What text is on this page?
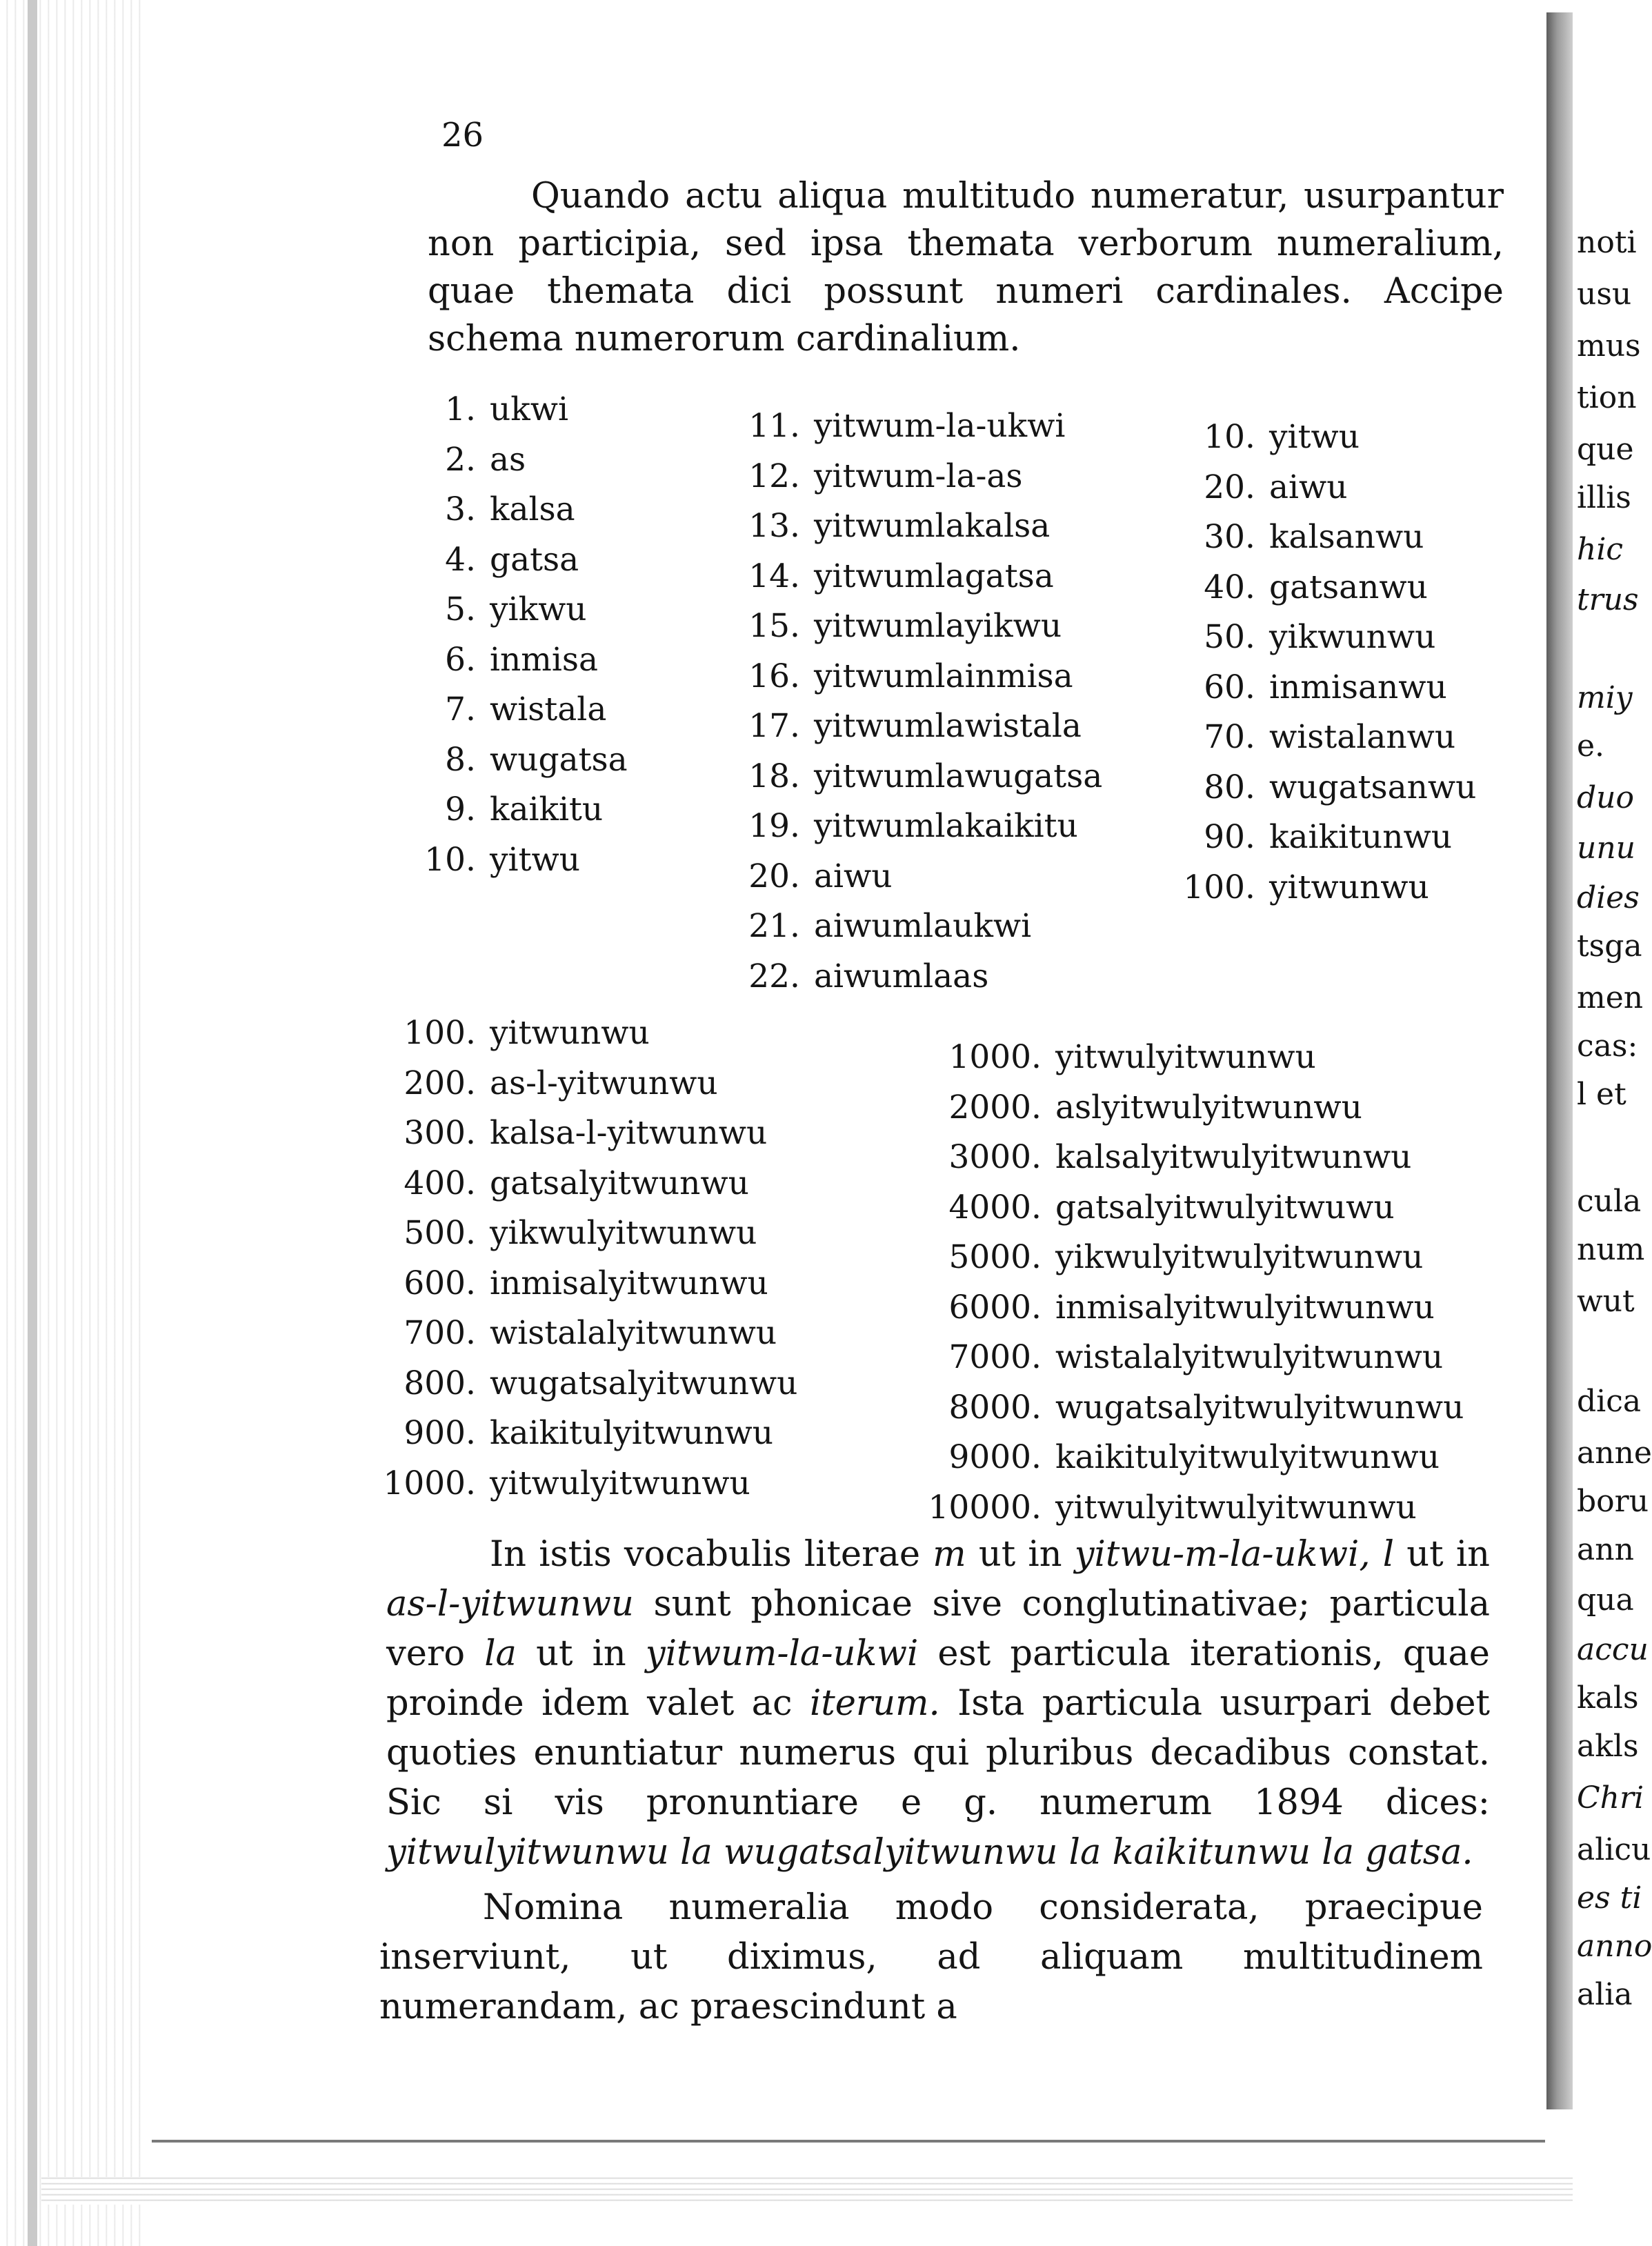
noti
usu
mus
tion
que
illis
hic
trus
miy
e.
duo
unu
dies
tsga
men
cas:
l et
cula
num
wut
dica
anne
boru
ann
qua
accu
kals
akls
Chri
alicu
es ti
anno
alia
26
Quando actu aliqua multitudo numeratur, usurpantur non participia, sed ipsa themata verborum numeralium, quae themata dici possunt numeri cardinales. Accipe schema numerorum cardinalium.
1. ukwi
2. as
3. kalsa
4. gatsa
5. yikwu
6. inmisa
7. wistala
8. wugatsa
9. kaikitu
10. yitwu
11. yitwum-la-ukwi
12. yitwum-la-as
13. yitwumlakalsa
14. yitwumlagatsa
15. yitwumlayikwu
16. yitwumlainmisa
17. yitwumlawistala
18. yitwumlawugatsa
19. yitwumlakaikitu
20. aiwu
21. aiwumlaukwi
22. aiwumlaas
10. yitwu
20. aiwu
30. kalsanwu
40. gatsanwu
50. yikwunwu
60. inmisanwu
70. wistalanwu
80. wugatsanwu
90. kaikitunwu
100. yitwunwu
100. yitwunwu
200. as-l-yitwunwu
300. kalsa-l-yitwunwu
400. gatsalyitwunwu
500. yikwulyitwunwu
600. inmisalyitwunwu
700. wistalalyitwunwu
800. wugatsalyitwunwu
900. kaikitulyitwunwu
1000. yitwulyitwunwu
1000. yitwulyitwunwu
2000. aslyitwulyitwunwu
3000. kalsalyitwulyitwunwu
4000. gatsalyitwulyitwuwu
5000. yikwulyitwulyitwunwu
6000. inmisalyitwulyitwunwu
7000. wistalalyitwulyitwunwu
8000. wugatsalyitwulyitwunwu
9000. kaikitulyitwulyitwunwu
10000. yitwulyitwulyitwunwu
In istis vocabulis literae m ut in yitwu-m-la-ukwi, l ut in as-l-yitwunwu sunt phonicae sive conglutinativae; particula vero la ut in yitwum-la-ukwi est particula iterationis, quae proinde idem valet ac iterum. Ista particula usurpari debet quoties enuntiatur numerus qui pluribus decadibus constat. Sic si vis pronuntiare e g. numerum 1894 dices: yitwulyitwunwu la wugatsalyitwunwu la kaikitunwu la gatsa.
Nomina numeralia modo considerata, praecipue inserviunt, ut diximus, ad aliquam multitudinem numerandam, ac praescindunt a
